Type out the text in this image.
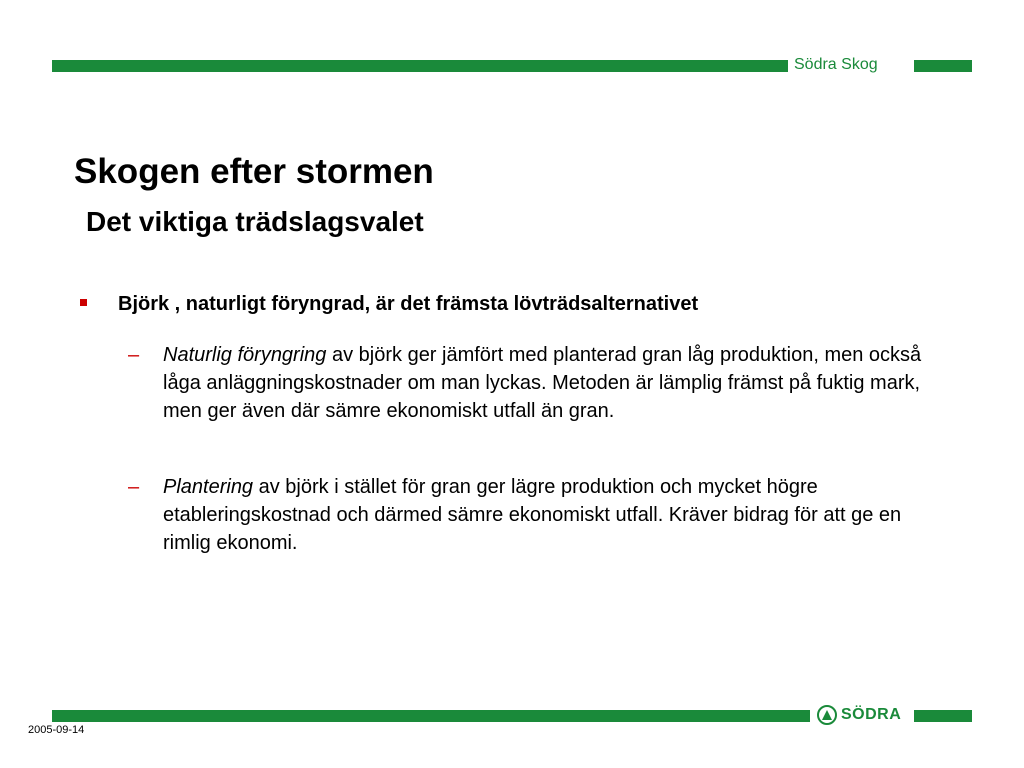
Södra Skog
Skogen efter stormen
Det viktiga trädslagsvalet
Björk , naturligt föryngrad, är det främsta lövträdsalternativet
– Naturlig föryngring av björk ger jämfört med planterad gran låg produktion, men också låga anläggningskostnader om man lyckas. Metoden är lämplig främst på fuktig mark, men ger även där sämre ekonomiskt utfall än gran.
– Plantering av björk i stället för gran ger lägre produktion och mycket högre etableringskostnad och därmed sämre ekonomiskt utfall. Kräver bidrag för att ge en rimlig ekonomi.
SÖDRA
2005-09-14
